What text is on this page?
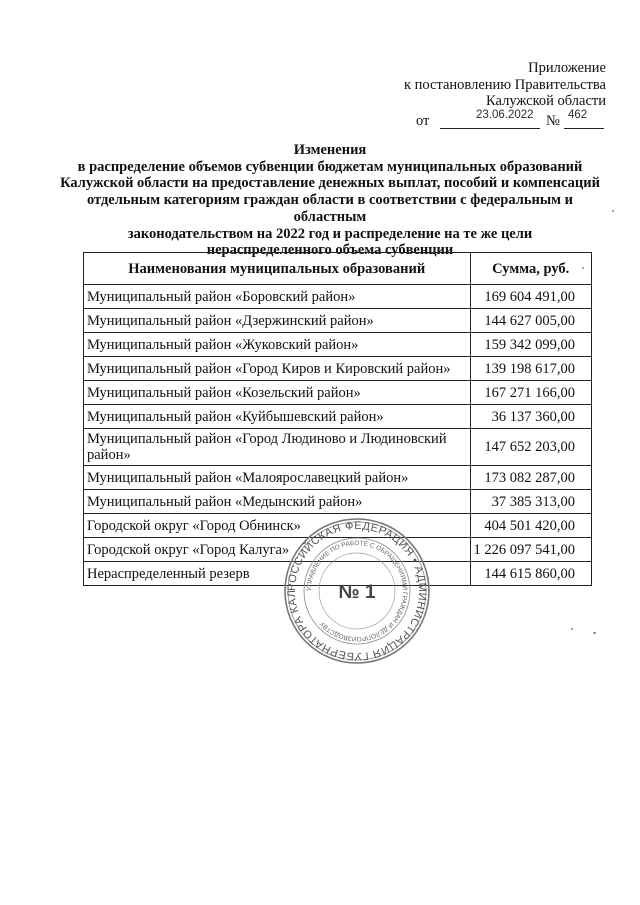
Приложение
к постановлению Правительства
Калужской области
от	23.06.2022 № 462
Изменения
в распределение объемов субвенции бюджетам муниципальных образований
Калужской области на предоставление денежных выплат, пособий и компенсаций
отдельным категориям граждан области в соответствии с федеральным и областным
законодательством на 2022 год и распределение на те же цели
нераспределенного объема субвенции
Наименования муниципальных образований	Сумма, руб.
Муниципальный район «Боровский район»	169 604 491,00
Муниципальный район «Дзержинский район»	144 627 005,00
Муниципальный район «Жуковский район»	159 342 099,00
Муниципальный район «Город Киров и Кировский район»	139 198 617,00
Муниципальный район «Козельский район»	167 271 166,00
Муниципальный район «Куйбышевский район»	36 137 360,00
Муниципальный район «Город Людиново и Людиновский район»	147 652 203,00
Муниципальный район «Малоярославецкий район»	173 082 287,00
Муниципальный район «Медынский район»	37 385 313,00
Городской округ «Город Обнинск»	404 501 420,00
Городской округ «Город Калуга»	1 226 097 541,00
Нераспределенный резерв	144 615 860,00
РОССИЙСКАЯ ФЕДЕРАЦИЯ • АДМИНИСТРАЦИЯ ГУБЕРНАТОРА КАЛ
УПРАВЛЕНИЕ ПО РАБОТЕ С ОБРАЩЕНИЯМИ ГРАЖДАН И ДЕЛОПРОИЗВОДСТВУ
№ 1
